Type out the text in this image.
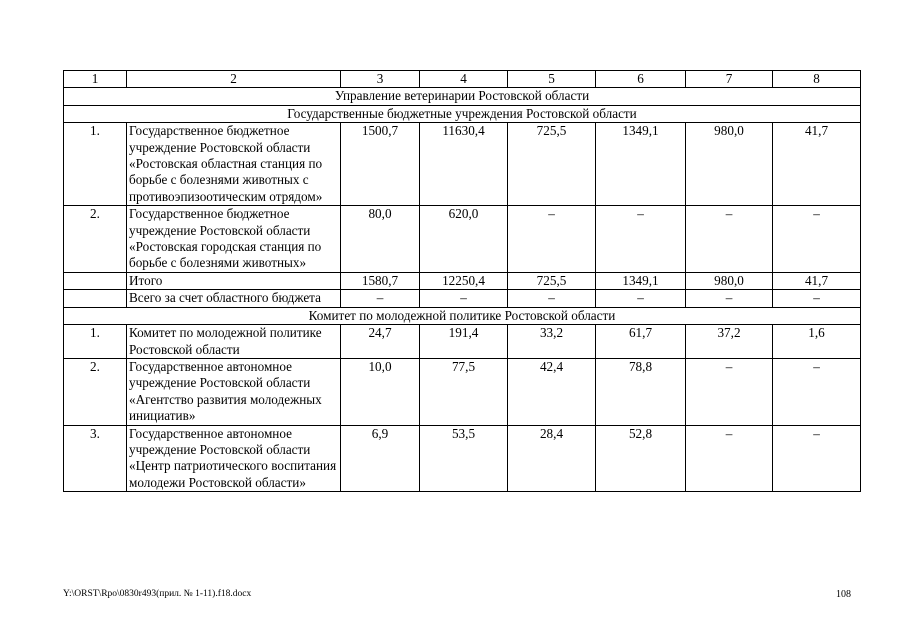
1	2	3	4	5	6	7	8
Управление ветеринарии Ростовской области							
Государственные бюджетные учреждения Ростовской области							
1.	Государственное бюджетное учреждение Ростовской области «Ростовская областная станция по борьбе с болезнями животных с противоэпизоотическим отрядом»	1500,7	11630,4	725,5	1349,1	980,0	41,7
2.	Государственное бюджетное учреждение Ростовской области «Ростовская городская станция по борьбе с болезнями животных»	80,0	620,0	–	–	–	–
	Итого	1580,7	12250,4	725,5	1349,1	980,0	41,7
	Всего за счет областного бюджета	–	–	–	–	–	–
Комитет по молодежной политике Ростовской области							
1.	Комитет по молодежной политике Ростовской области	24,7	191,4	33,2	61,7	37,2	1,6
2.	Государственное автономное учреждение Ростовской области «Агентство развития молодежных инициатив»	10,0	77,5	42,4	78,8	–	–
3.	Государственное автономное учреждение Ростовской области «Центр патриотического воспитания молодежи Ростовской области»	6,9	53,5	28,4	52,8	–	–
Y:\ORST\Rpo\0830r493(прил. № 1-11).f18.docx	108
